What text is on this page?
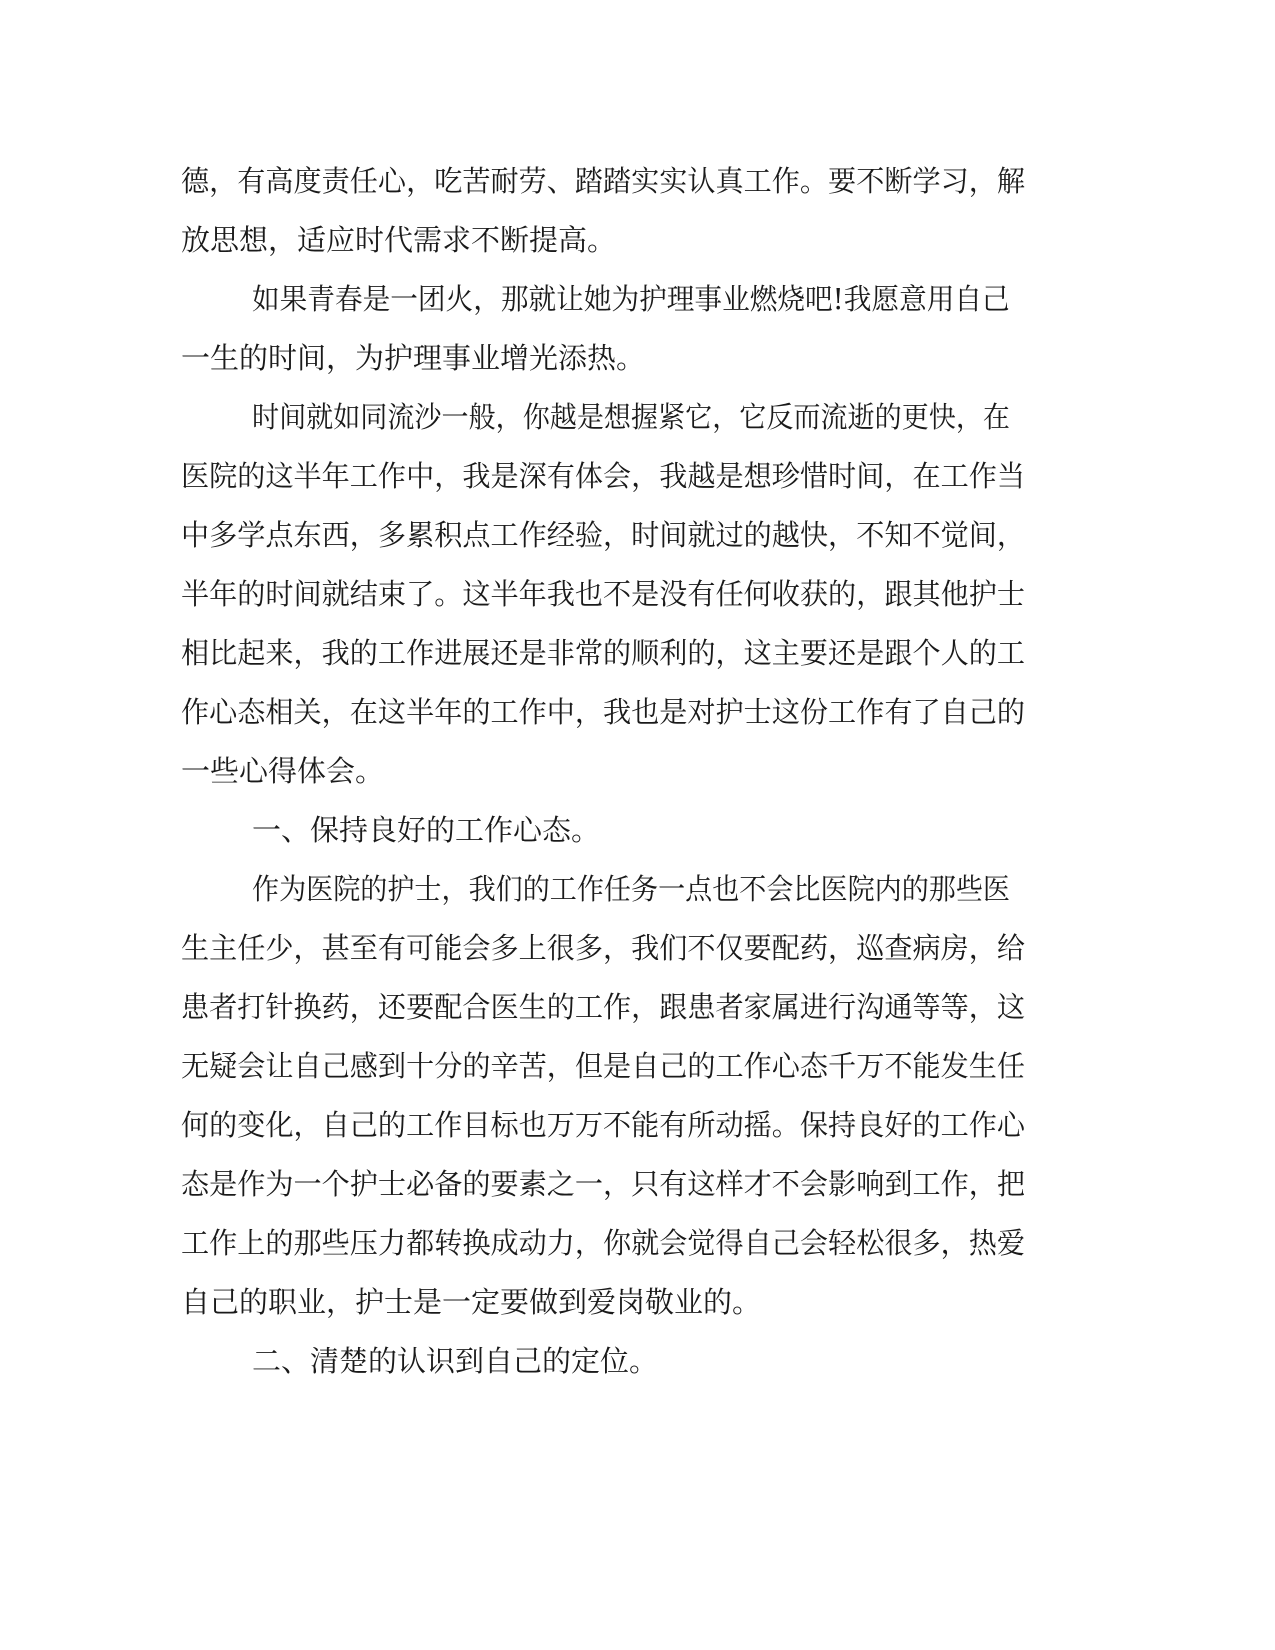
德，有高度责任心，吃苦耐劳、踏踏实实认真工作。要不断学习，解
放思想，适应时代需求不断提高。
如果青春是一团火，那就让她为护理事业燃烧吧!我愿意用自己
一生的时间，为护理事业增光添热。
时间就如同流沙一般，你越是想握紧它，它反而流逝的更快，在
医院的这半年工作中，我是深有体会，我越是想珍惜时间，在工作当
中多学点东西，多累积点工作经验，时间就过的越快，不知不觉间，
半年的时间就结束了。这半年我也不是没有任何收获的，跟其他护士
相比起来，我的工作进展还是非常的顺利的，这主要还是跟个人的工
作心态相关，在这半年的工作中，我也是对护士这份工作有了自己的
一些心得体会。
一、保持良好的工作心态。
作为医院的护士，我们的工作任务一点也不会比医院内的那些医
生主任少，甚至有可能会多上很多，我们不仅要配药，巡查病房，给
患者打针换药，还要配合医生的工作，跟患者家属进行沟通等等，这
无疑会让自己感到十分的辛苦，但是自己的工作心态千万不能发生任
何的变化，自己的工作目标也万万不能有所动摇。保持良好的工作心
态是作为一个护士必备的要素之一，只有这样才不会影响到工作，把
工作上的那些压力都转换成动力，你就会觉得自己会轻松很多，热爱
自己的职业，护士是一定要做到爱岗敬业的。
二、清楚的认识到自己的定位。
